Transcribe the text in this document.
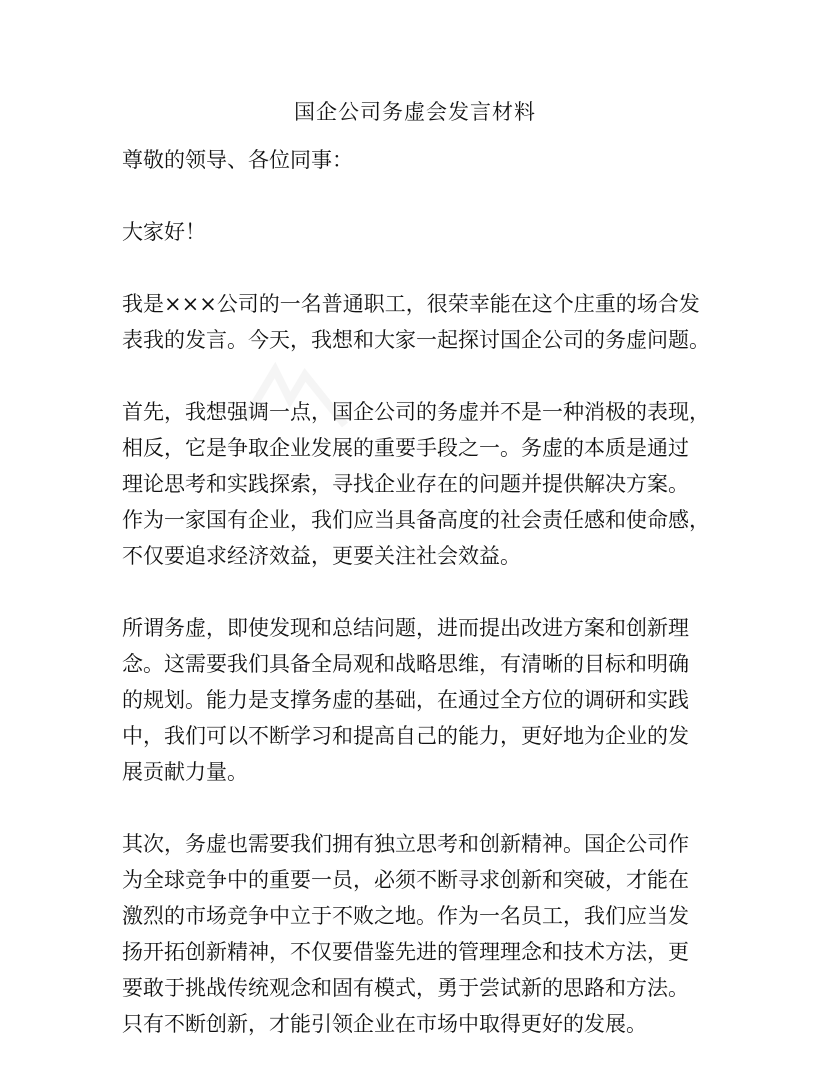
国企公司务虚会发言材料

尊敬的领导、各位同事：

大家好！

我是×××公司的一名普通职工，很荣幸能在这个庄重的场合发
表我的发言。今天，我想和大家一起探讨国企公司的务虚问题。
首先，我想强调一点，国企公司的务虚并不是一种消极的表现，
相反，它是争取企业发展的重要手段之一。务虚的本质是通过
理论思考和实践探索，寻找企业存在的问题并提供解决方案。
作为一家国有企业，我们应当具备高度的社会责任感和使命感，
不仅要追求经济效益，更要关注社会效益。
所谓务虚，即使发现和总结问题，进而提出改进方案和创新理
念。这需要我们具备全局观和战略思维，有清晰的目标和明确
的规划。能力是支撑务虚的基础，在通过全方位的调研和实践
中，我们可以不断学习和提高自己的能力，更好地为企业的发
展贡献力量。
其次，务虚也需要我们拥有独立思考和创新精神。国企公司作
为全球竞争中的重要一员，必须不断寻求创新和突破，才能在
激烈的市场竞争中立于不败之地。作为一名员工，我们应当发
扬开拓创新精神，不仅要借鉴先进的管理理念和技术方法，更
要敢于挑战传统观念和固有模式，勇于尝试新的思路和方法。
只有不断创新，才能引领企业在市场中取得更好的发展。
